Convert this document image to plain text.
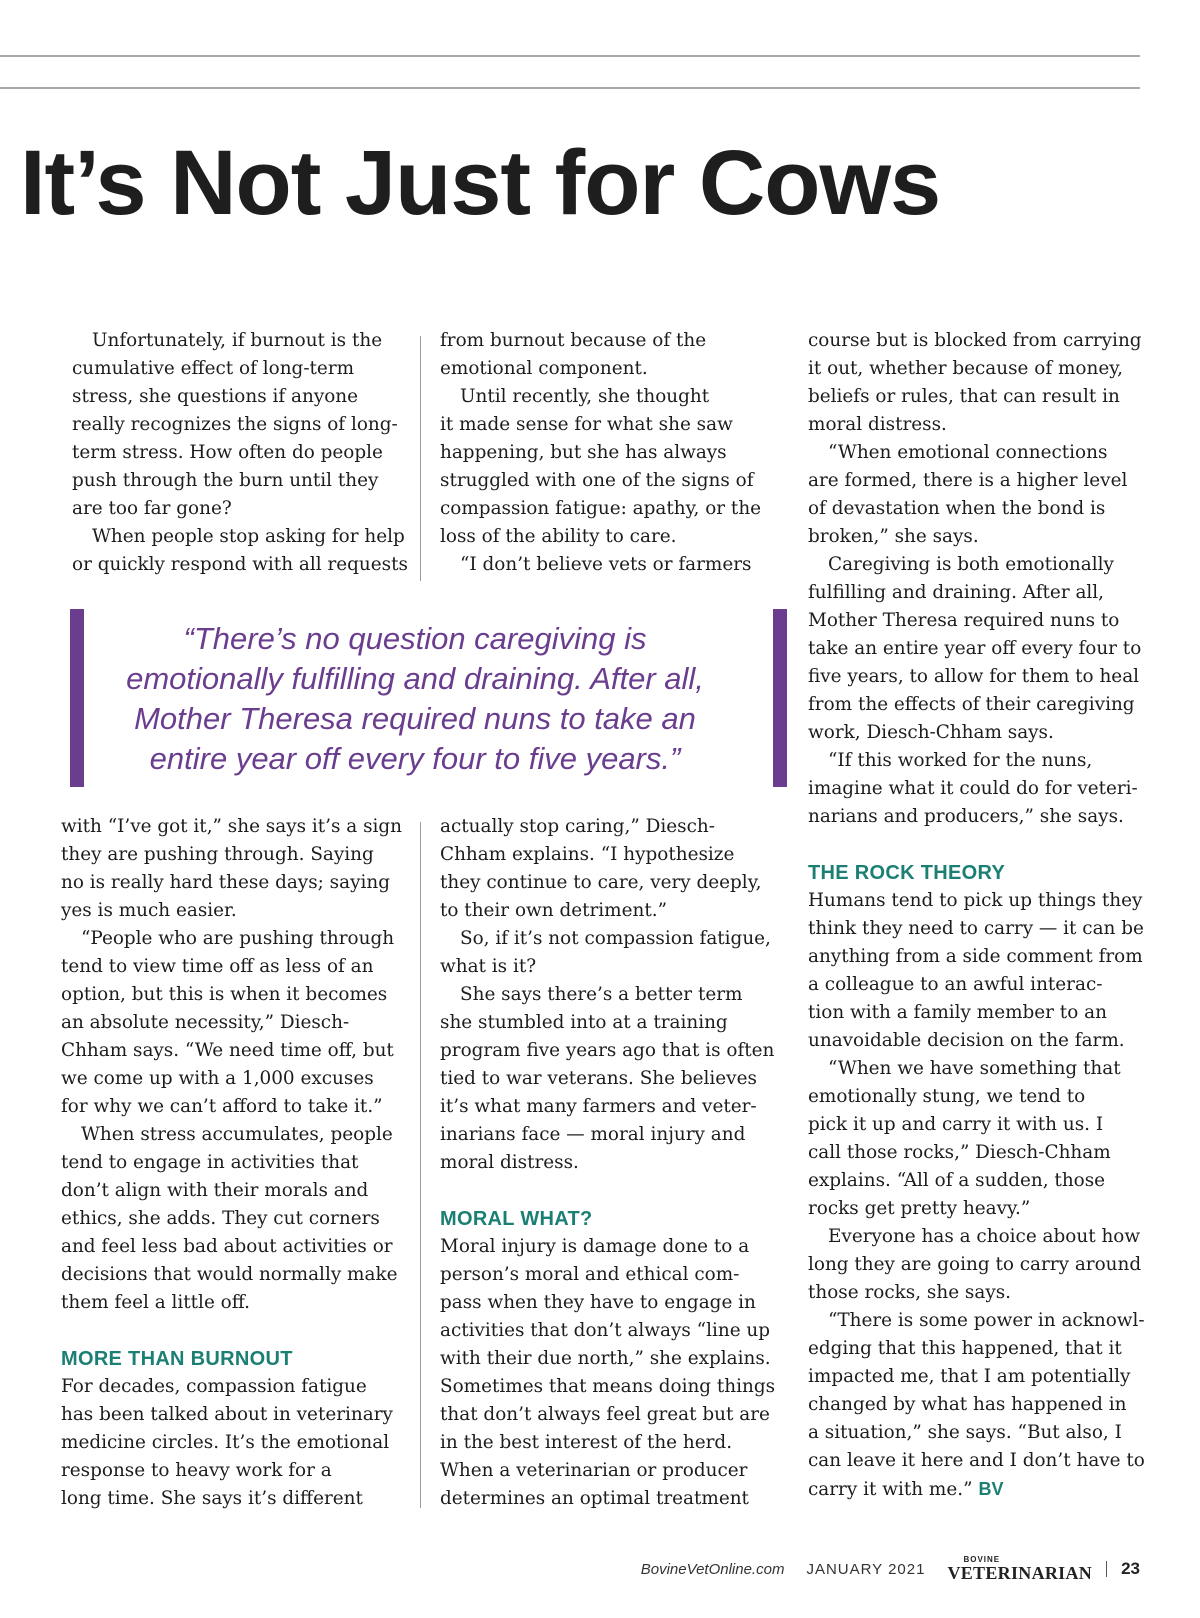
It’s Not Just for Cows

Unfortunately, if burnout is the

cumulative effect of long-term

stress, she questions if anyone

really recognizes the signs of long-

term stress. How often do people

push through the burn until they

are too far gone?

When people stop asking for help

or quickly respond with all requests

from burnout because of the

emotional component.

Until recently, she thought

it made sense for what she saw

happening, but she has always

struggled with one of the signs of

compassion fatigue: apathy, or the

loss of the ability to care.

“I don’t believe vets or farmers

“There’s no question caregiving is
emotionally fulfilling and draining. After all,
Mother Theresa required nuns to take an
entire year off every four to five years.”

with “I’ve got it,” she says it’s a sign

they are pushing through. Saying

no is really hard these days; saying

yes is much easier.

“People who are pushing through

tend to view time off as less of an

option, but this is when it becomes

an absolute necessity,” Diesch-

Chham says. “We need time off, but

we come up with a 1,000 excuses

for why we can’t afford to take it.”

When stress accumulates, people

tend to engage in activities that

don’t align with their morals and

ethics, she adds. They cut corners

and feel less bad about activities or

decisions that would normally make

them feel a little off.

MORE THAN BURNOUT

For decades, compassion fatigue

has been talked about in veterinary

medicine circles. It’s the emotional

response to heavy work for a

long time. She says it’s different

actually stop caring,” Diesch-

Chham explains. “I hypothesize

they continue to care, very deeply,

to their own detriment.”

So, if it’s not compassion fatigue,

what is it?

She says there’s a better term

she stumbled into at a training

program five years ago that is often

tied to war veterans. She believes

it’s what many farmers and veter-

inarians face — moral injury and

moral distress.

MORAL WHAT?

Moral injury is damage done to a

person’s moral and ethical com-

pass when they have to engage in

activities that don’t always “line up

with their due north,” she explains.

Sometimes that means doing things

that don’t always feel great but are

in the best interest of the herd.

When a veterinarian or producer

determines an optimal treatment

course but is blocked from carrying

it out, whether because of money,

beliefs or rules, that can result in

moral distress.

“When emotional connections

are formed, there is a higher level

of devastation when the bond is

broken,” she says.

Caregiving is both emotionally

fulfilling and draining. After all,

Mother Theresa required nuns to

take an entire year off every four to

five years, to allow for them to heal

from the effects of their caregiving

work, Diesch-Chham says.

“If this worked for the nuns,

imagine what it could do for veteri-

narians and producers,” she says.

THE ROCK THEORY

Humans tend to pick up things they

think they need to carry — it can be

anything from a side comment from

a colleague to an awful interac-

tion with a family member to an

unavoidable decision on the farm.

“When we have something that

emotionally stung, we tend to

pick it up and carry it with us. I

call those rocks,” Diesch-Chham

explains. “All of a sudden, those

rocks get pretty heavy.”

Everyone has a choice about how

long they are going to carry around

those rocks, she says.

“There is some power in acknowl-

edging that this happened, that it

impacted me, that I am potentially

changed by what has happened in

a situation,” she says. “But also, I

can leave it here and I don’t have to

carry it with me.” BV

BovineVetOnline.com JANUARY 2021
BOVINE
VETERINARIAN 23
